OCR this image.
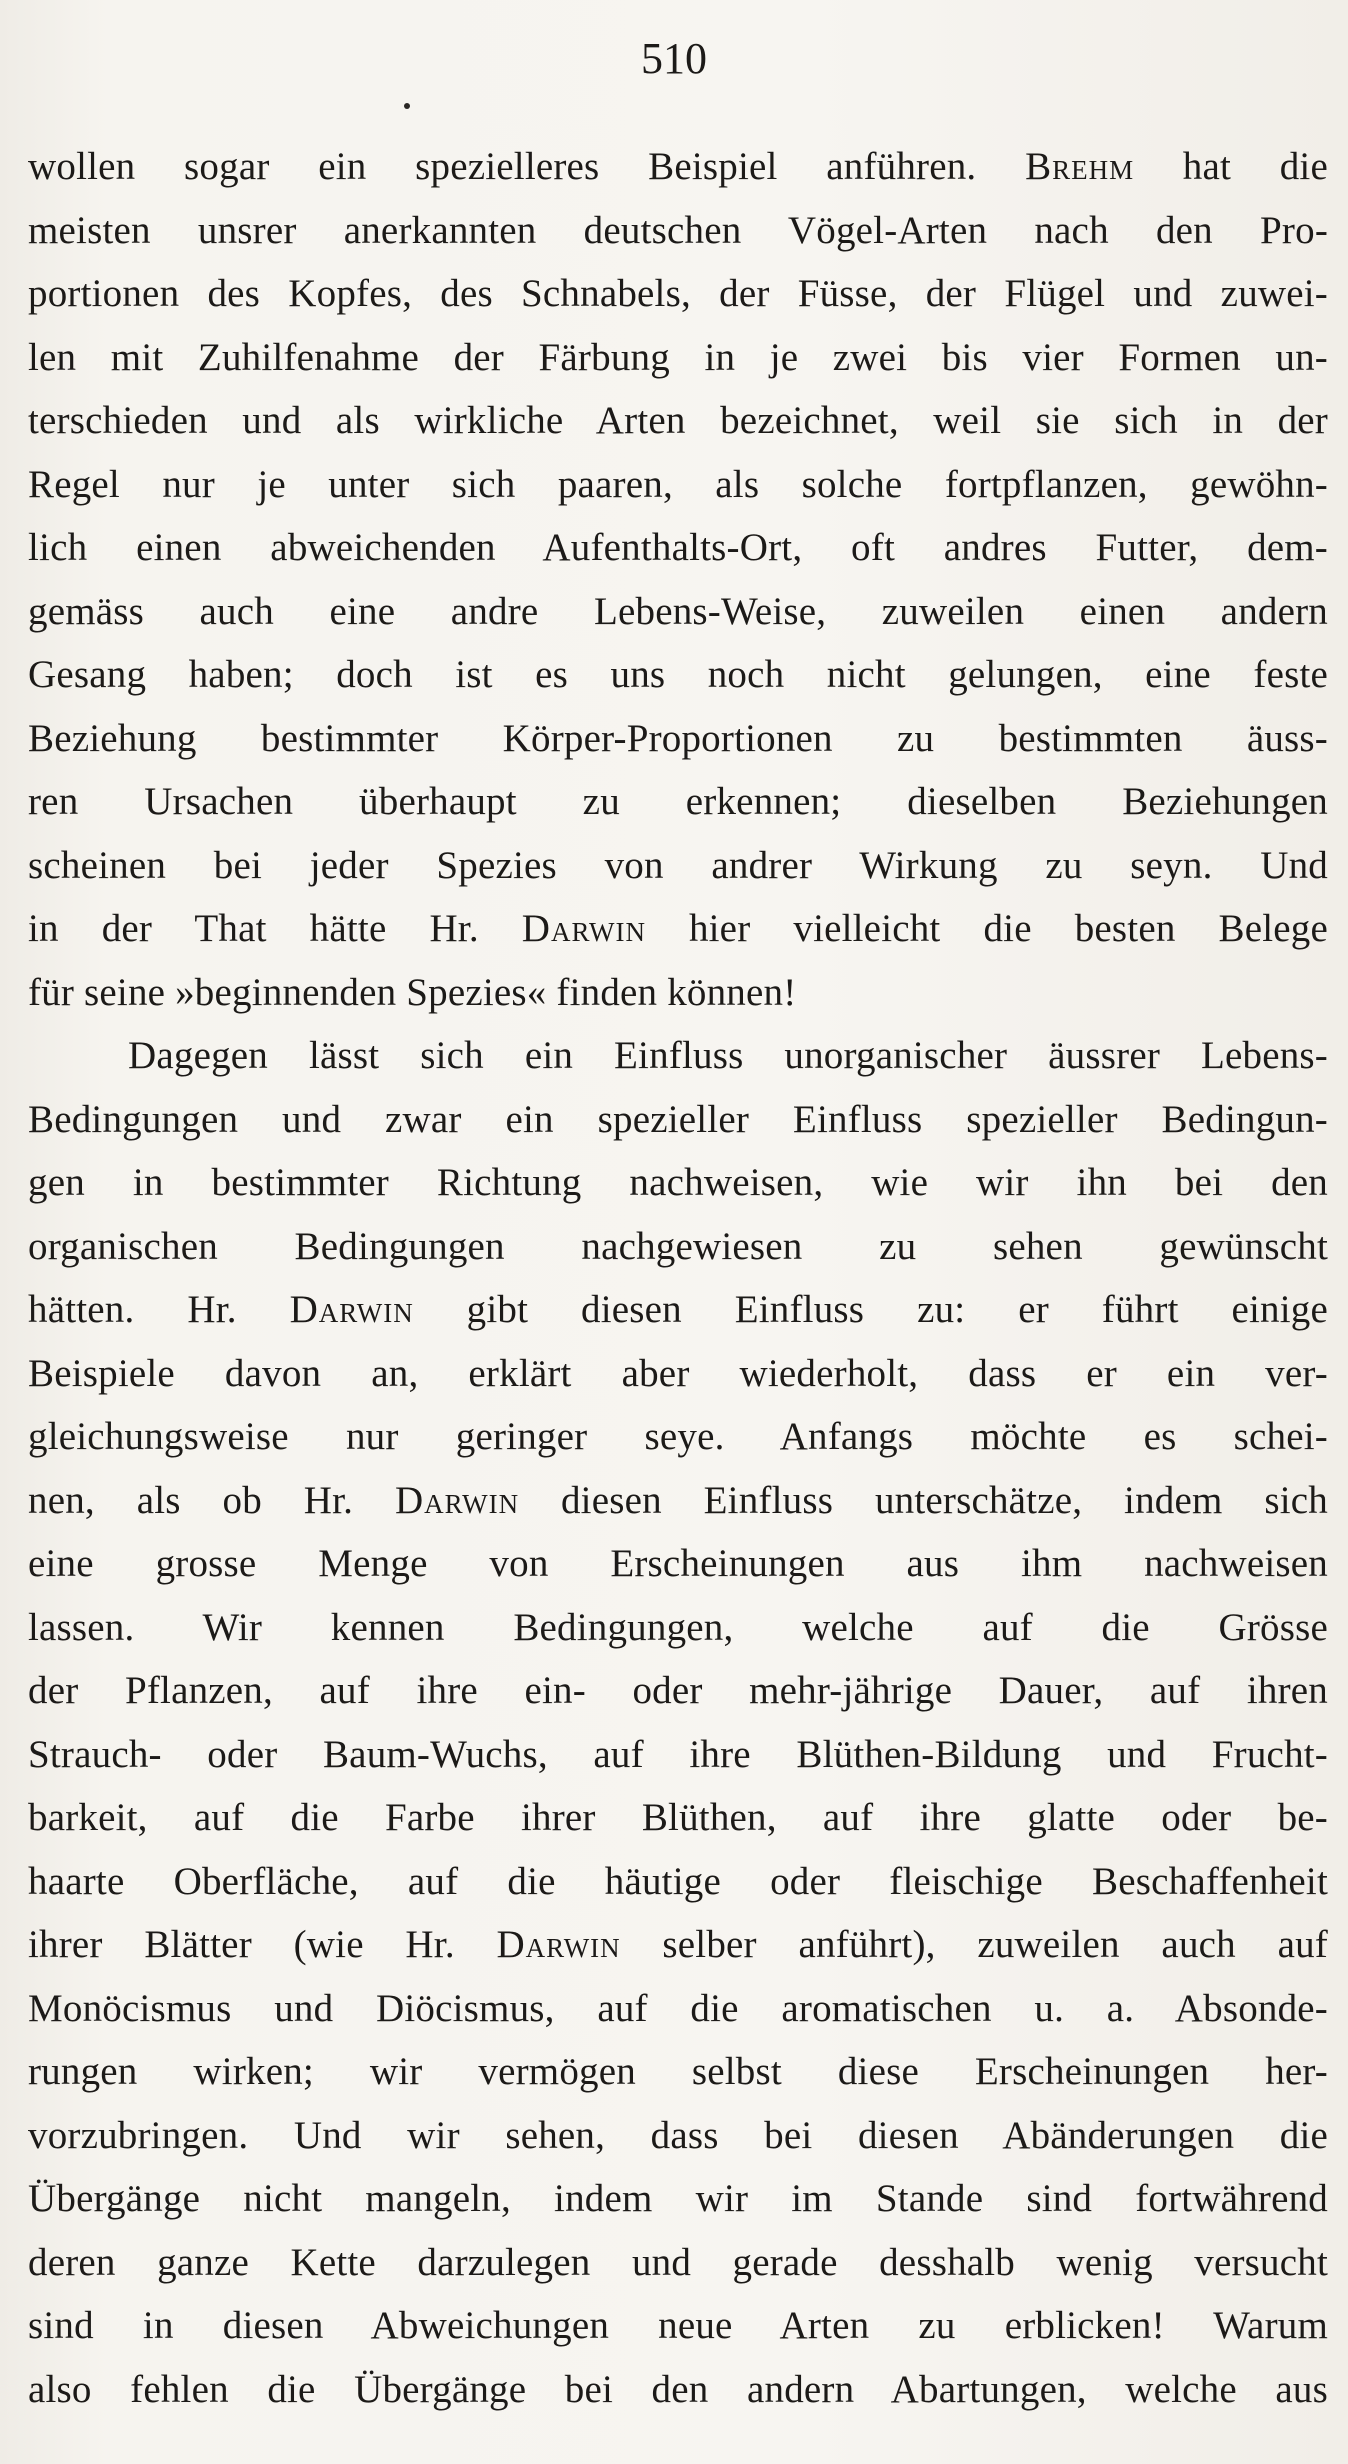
510
wollen sogar ein spezielleres Beispiel anführen. Brehm hat die
meisten unsrer anerkannten deutschen Vögel-Arten nach den Pro-
portionen des Kopfes, des Schnabels, der Füsse, der Flügel und zuwei-
len mit Zuhilfenahme der Färbung in je zwei bis vier Formen un-
terschieden und als wirkliche Arten bezeichnet, weil sie sich in der
Regel nur je unter sich paaren, als solche fortpflanzen, gewöhn-
lich einen abweichenden Aufenthalts-Ort, oft andres Futter, dem-
gemäss auch eine andre Lebens-Weise, zuweilen einen andern
Gesang haben; doch ist es uns noch nicht gelungen, eine feste
Beziehung bestimmter Körper-Proportionen zu bestimmten äuss-
ren Ursachen überhaupt zu erkennen; dieselben Beziehungen
scheinen bei jeder Spezies von andrer Wirkung zu seyn. Und
in der That hätte Hr. Darwin hier vielleicht die besten Belege
für seine »beginnenden Spezies« finden können!
Dagegen lässt sich ein Einfluss unorganischer äussrer Lebens-
Bedingungen und zwar ein spezieller Einfluss spezieller Bedingun-
gen in bestimmter Richtung nachweisen, wie wir ihn bei den
organischen Bedingungen nachgewiesen zu sehen gewünscht
hätten. Hr. Darwin gibt diesen Einfluss zu: er führt einige
Beispiele davon an, erklärt aber wiederholt, dass er ein ver-
gleichungsweise nur geringer seye. Anfangs möchte es schei-
nen, als ob Hr. Darwin diesen Einfluss unterschätze, indem sich
eine grosse Menge von Erscheinungen aus ihm nachweisen
lassen. Wir kennen Bedingungen, welche auf die Grösse
der Pflanzen, auf ihre ein- oder mehr-jährige Dauer, auf ihren
Strauch- oder Baum-Wuchs, auf ihre Blüthen-Bildung und Frucht-
barkeit, auf die Farbe ihrer Blüthen, auf ihre glatte oder be-
haarte Oberfläche, auf die häutige oder fleischige Beschaffenheit
ihrer Blätter (wie Hr. Darwin selber anführt), zuweilen auch auf
Monöcismus und Diöcismus, auf die aromatischen u. a. Absonde-
rungen wirken; wir vermögen selbst diese Erscheinungen her-
vorzubringen. Und wir sehen, dass bei diesen Abänderungen die
Übergänge nicht mangeln, indem wir im Stande sind fortwährend
deren ganze Kette darzulegen und gerade desshalb wenig versucht
sind in diesen Abweichungen neue Arten zu erblicken! Warum
also fehlen die Übergänge bei den andern Abartungen, welche aus
